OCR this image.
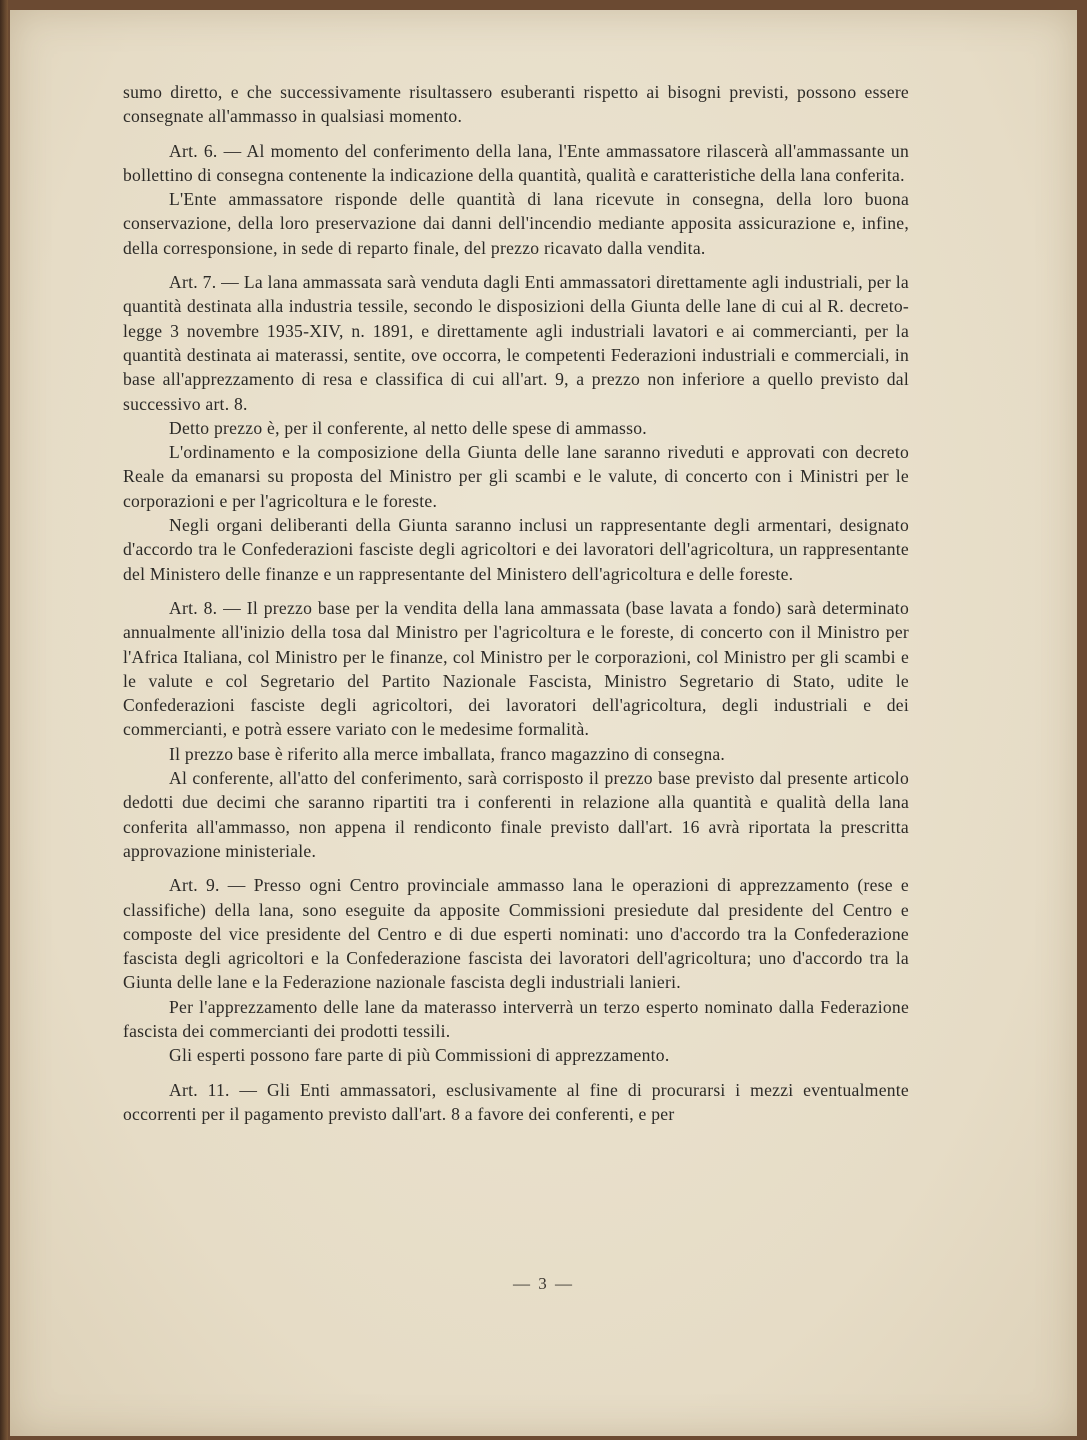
sumo diretto, e che successivamente risultassero esuberanti rispetto ai bisogni previsti, possono essere consegnate all'ammasso in qualsiasi momento.

Art. 6. — Al momento del conferimento della lana, l'Ente ammassatore rilascerà all'ammassante un bollettino di consegna contenente la indicazione della quantità, qualità e caratteristiche della lana conferita.

L'Ente ammassatore risponde delle quantità di lana ricevute in consegna, della loro buona conservazione, della loro preservazione dai danni dell'incendio mediante apposita assicurazione e, infine, della corresponsione, in sede di reparto finale, del prezzo ricavato dalla vendita.

Art. 7. — La lana ammassata sarà venduta dagli Enti ammassatori direttamente agli industriali, per la quantità destinata alla industria tessile, secondo le disposizioni della Giunta delle lane di cui al R. decreto-legge 3 novembre 1935-XIV, n. 1891, e direttamente agli industriali lavatori e ai commercianti, per la quantità destinata ai materassi, sentite, ove occorra, le competenti Federazioni industriali e commerciali, in base all'apprezzamento di resa e classifica di cui all'art. 9, a prezzo non inferiore a quello previsto dal successivo art. 8.

Detto prezzo è, per il conferente, al netto delle spese di ammasso.

L'ordinamento e la composizione della Giunta delle lane saranno riveduti e approvati con decreto Reale da emanarsi su proposta del Ministro per gli scambi e le valute, di concerto con i Ministri per le corporazioni e per l'agricoltura e le foreste.

Negli organi deliberanti della Giunta saranno inclusi un rappresentante degli armentari, designato d'accordo tra le Confederazioni fasciste degli agricoltori e dei lavoratori dell'agricoltura, un rappresentante del Ministero delle finanze e un rappresentante del Ministero dell'agricoltura e delle foreste.

Art. 8. — Il prezzo base per la vendita della lana ammassata (base lavata a fondo) sarà determinato annualmente all'inizio della tosa dal Ministro per l'agricoltura e le foreste, di concerto con il Ministro per l'Africa Italiana, col Ministro per le finanze, col Ministro per le corporazioni, col Ministro per gli scambi e le valute e col Segretario del Partito Nazionale Fascista, Ministro Segretario di Stato, udite le Confederazioni fasciste degli agricoltori, dei lavoratori dell'agricoltura, degli industriali e dei commercianti, e potrà essere variato con le medesime formalità.

Il prezzo base è riferito alla merce imballata, franco magazzino di consegna.

Al conferente, all'atto del conferimento, sarà corrisposto il prezzo base previsto dal presente articolo dedotti due decimi che saranno ripartiti tra i conferenti in relazione alla quantità e qualità della lana conferita all'ammasso, non appena il rendiconto finale previsto dall'art. 16 avrà riportata la prescritta approvazione ministeriale.

Art. 9. — Presso ogni Centro provinciale ammasso lana le operazioni di apprezzamento (rese e classifiche) della lana, sono eseguite da apposite Commissioni presiedute dal presidente del Centro e composte del vice presidente del Centro e di due esperti nominati: uno d'accordo tra la Confederazione fascista degli agricoltori e la Confederazione fascista dei lavoratori dell'agricoltura; uno d'accordo tra la Giunta delle lane e la Federazione nazionale fascista degli industriali lanieri.

Per l'apprezzamento delle lane da materasso interverrà un terzo esperto nominato dalla Federazione fascista dei commercianti dei prodotti tessili.

Gli esperti possono fare parte di più Commissioni di apprezzamento.

Art. 11. — Gli Enti ammassatori, esclusivamente al fine di procurarsi i mezzi eventualmente occorrenti per il pagamento previsto dall'art. 8 a favore dei conferenti, e per

— 3 —
